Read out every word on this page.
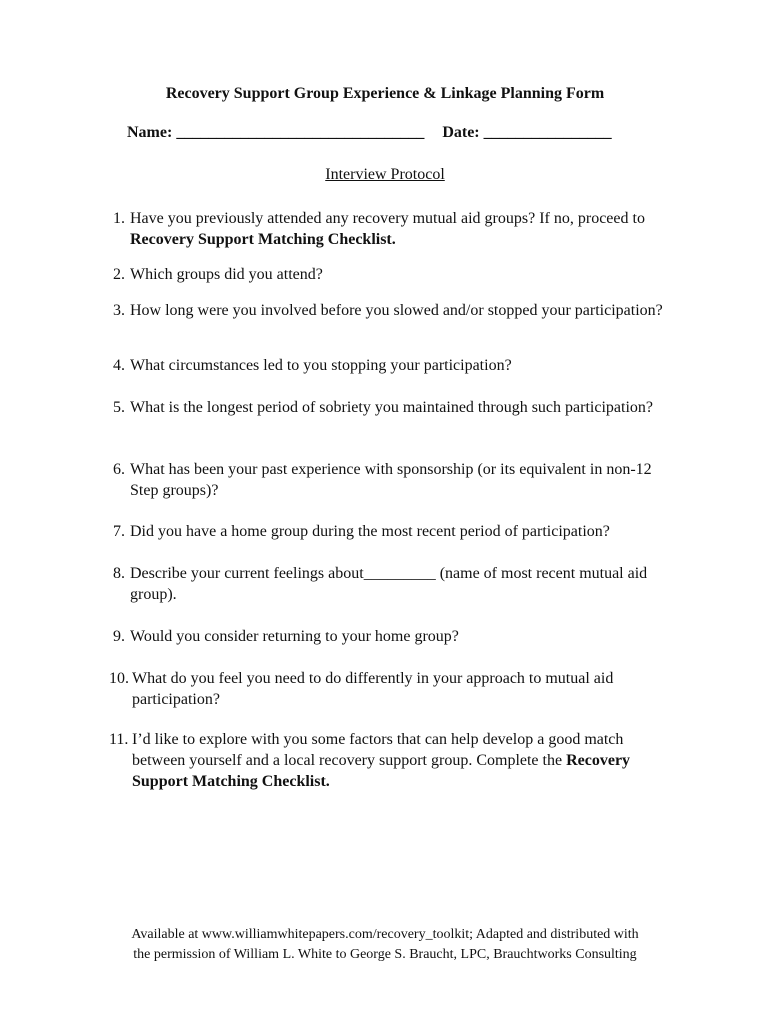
Recovery Support Group Experience & Linkage Planning Form
Name: _______________________________ Date: ________________
Interview Protocol
1. Have you previously attended any recovery mutual aid groups? If no, proceed to Recovery Support Matching Checklist.
2. Which groups did you attend?
3. How long were you involved before you slowed and/or stopped your participation?
4. What circumstances led to you stopping your participation?
5. What is the longest period of sobriety you maintained through such participation?
6. What has been your past experience with sponsorship (or its equivalent in non-12 Step groups)?
7. Did you have a home group during the most recent period of participation?
8. Describe your current feelings about_________ (name of most recent mutual aid group).
9. Would you consider returning to your home group?
10. What do you feel you need to do differently in your approach to mutual aid participation?
11. I’d like to explore with you some factors that can help develop a good match between yourself and a local recovery support group. Complete the Recovery Support Matching Checklist.
Available at www.williamwhitepapers.com/recovery_toolkit; Adapted and distributed with
the permission of William L. White to George S. Braucht, LPC, Brauchtworks Consulting
